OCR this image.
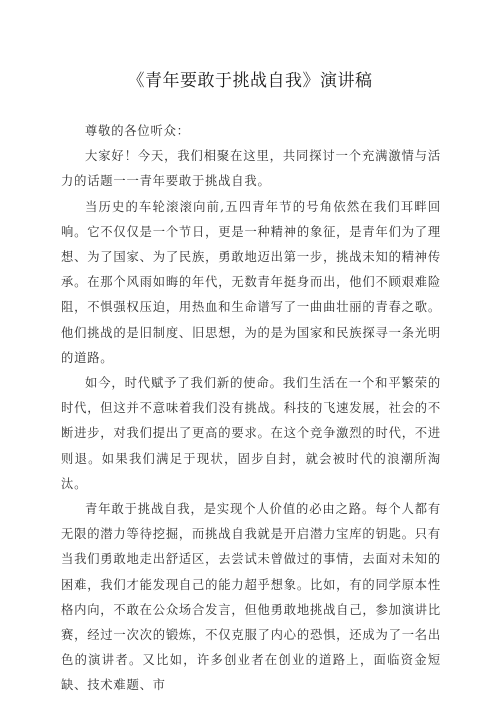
《青年要敢于挑战自我》演讲稿

尊敬的各位听众：

大家好！今天，我们相聚在这里，共同探讨一个充满激情与活力的话题一一青年要敢于挑战自我。

当历史的车轮滚滚向前,五四青年节的号角依然在我们耳畔回响。它不仅仅是一个节日，更是一种精神的象征，是青年们为了理想、为了国家、为了民族，勇敢地迈出第一步，挑战未知的精神传承。在那个风雨如晦的年代，无数青年挺身而出，他们不顾艰难险阻，不惧强权压迫，用热血和生命谱写了一曲曲壮丽的青春之歌。他们挑战的是旧制度、旧思想，为的是为国家和民族探寻一条光明的道路。

如今，时代赋予了我们新的使命。我们生活在一个和平繁荣的时代，但这并不意味着我们没有挑战。科技的飞速发展，社会的不断进步，对我们提出了更高的要求。在这个竞争激烈的时代，不进则退。如果我们满足于现状，固步自封，就会被时代的浪潮所淘汰。

青年敢于挑战自我，是实现个人价值的必由之路。每个人都有无限的潜力等待挖掘，而挑战自我就是开启潜力宝库的钥匙。只有当我们勇敢地走出舒适区，去尝试未曾做过的事情，去面对未知的困难，我们才能发现自己的能力超乎想象。比如，有的同学原本性格内向，不敢在公众场合发言，但他勇敢地挑战自己，参加演讲比赛，经过一次次的锻炼，不仅克服了内心的恐惧，还成为了一名出色的演讲者。又比如，许多创业者在创业的道路上，面临资金短缺、技术难题、市
